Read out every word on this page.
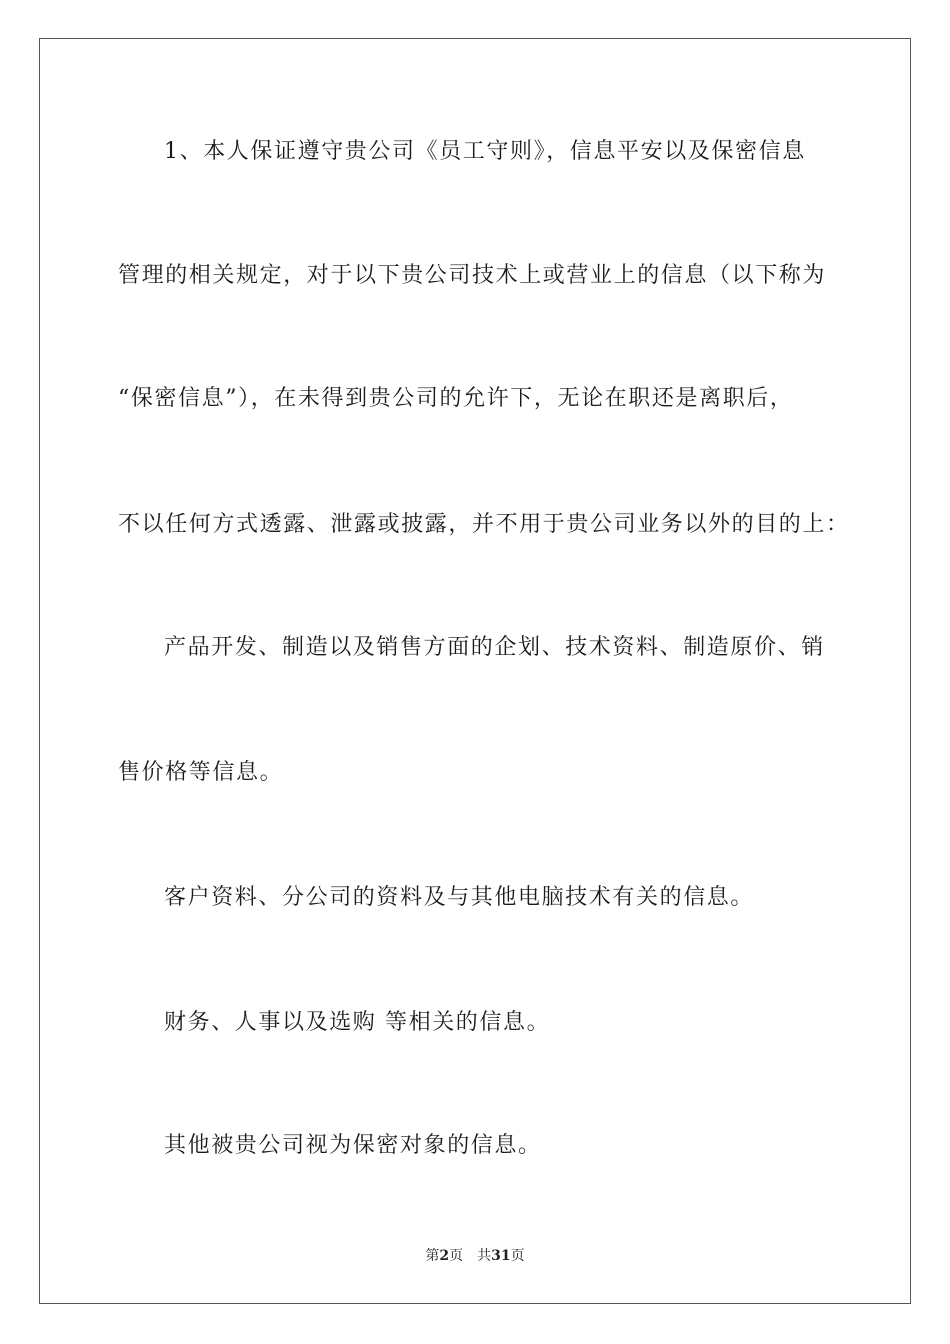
1、本人保证遵守贵公司《员工守则》，信息平安以及保密信息
管理的相关规定，对于以下贵公司技术上或营业上的信息（以下称为
“保密信息”），在未得到贵公司的允许下，无论在职还是离职后，
不以任何方式透露、泄露或披露，并不用于贵公司业务以外的目的上：
产品开发、制造以及销售方面的企划、技术资料、制造原价、销
售价格等信息。
客户资料、分公司的资料及与其他电脑技术有关的信息。
财务、人事以及选购 等相关的信息。
其他被贵公司视为保密对象的信息。
第2页 共31页
